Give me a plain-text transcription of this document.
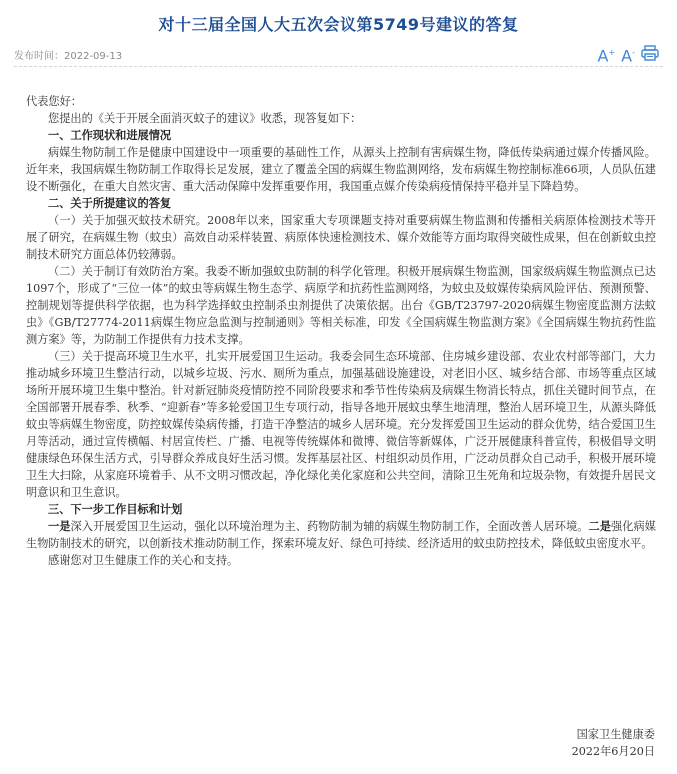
对十三届全国人大五次会议第5749号建议的答复
发布时间：2022-09-13	A+ A-

代表您好：

您提出的《关于开展全面消灭蚊子的建议》收悉，现答复如下：

一、工作现状和进展情况

病媒生物防制工作是健康中国建设中一项重要的基础性工作，从源头上控制有害病媒生物，降低传染病通过媒介传播风险。近年来，我国病媒生物防制工作取得长足发展，建立了覆盖全国的病媒生物监测网络，发布病媒生物控制标准66项，人员队伍建设不断强化，在重大自然灾害、重大活动保障中发挥重要作用，我国重点媒介传染病疫情保持平稳并呈下降趋势。

二、关于所提建议的答复

（一）关于加强灭蚊技术研究。2008年以来，国家重大专项课题支持对重要病媒生物监测和传播相关病原体检测技术等开展了研究，在病媒生物（蚊虫）高效自动采样装置、病原体快速检测技术、媒介效能等方面均取得突破性成果，但在创新蚊虫控制技术研究方面总体仍较薄弱。

（二）关于制订有效防治方案。我委不断加强蚊虫防制的科学化管理。积极开展病媒生物监测，国家级病媒生物监测点已达1097个，形成了“三位一体”的蚊虫等病媒生物生态学、病原学和抗药性监测网络，为蚊虫及蚊媒传染病风险评估、预测预警、控制规划等提供科学依据，也为科学选择蚊虫控制杀虫剂提供了决策依据。出台《GB/T23797-2020病媒生物密度监测方法蚊虫》《GB/T27774-2011病媒生物应急监测与控制通则》等相关标准，印发《全国病媒生物监测方案》《全国病媒生物抗药性监测方案》等，为防制工作提供有力技术支撑。

（三）关于提高环境卫生水平，扎实开展爱国卫生运动。我委会同生态环境部、住房城乡建设部、农业农村部等部门，大力推动城乡环境卫生整洁行动，以城乡垃圾、污水、厕所为重点，加强基础设施建设，对老旧小区、城乡结合部、市场等重点区域场所开展环境卫生集中整治。针对新冠肺炎疫情防控不同阶段要求和季节性传染病及病媒生物消长特点，抓住关键时间节点，在全国部署开展春季、秋季、“迎新春”等多轮爱国卫生专项行动，指导各地开展蚊虫孳生地清理，整治人居环境卫生，从源头降低蚊虫等病媒生物密度，防控蚊媒传染病传播，打造干净整洁的城乡人居环境。充分发挥爱国卫生运动的群众优势，结合爱国卫生月等活动，通过宣传横幅、村居宣传栏、广播、电视等传统媒体和微博、微信等新媒体，广泛开展健康科普宣传，积极倡导文明健康绿色环保生活方式，引导群众养成良好生活习惯。发挥基层社区、村组织动员作用，广泛动员群众自己动手，积极开展环境卫生大扫除，从家庭环境着手、从不文明习惯改起，净化绿化美化家庭和公共空间，清除卫生死角和垃圾杂物，有效提升居民文明意识和卫生意识。

三、下一步工作目标和计划

一是深入开展爱国卫生运动，强化以环境治理为主、药物防制为辅的病媒生物防制工作，全面改善人居环境。二是强化病媒生物防制技术的研究，以创新技术推动防制工作，探索环境友好、绿色可持续、经济适用的蚊虫防控技术，降低蚊虫密度水平。

感谢您对卫生健康工作的关心和支持。

国家卫生健康委
2022年6月20日
